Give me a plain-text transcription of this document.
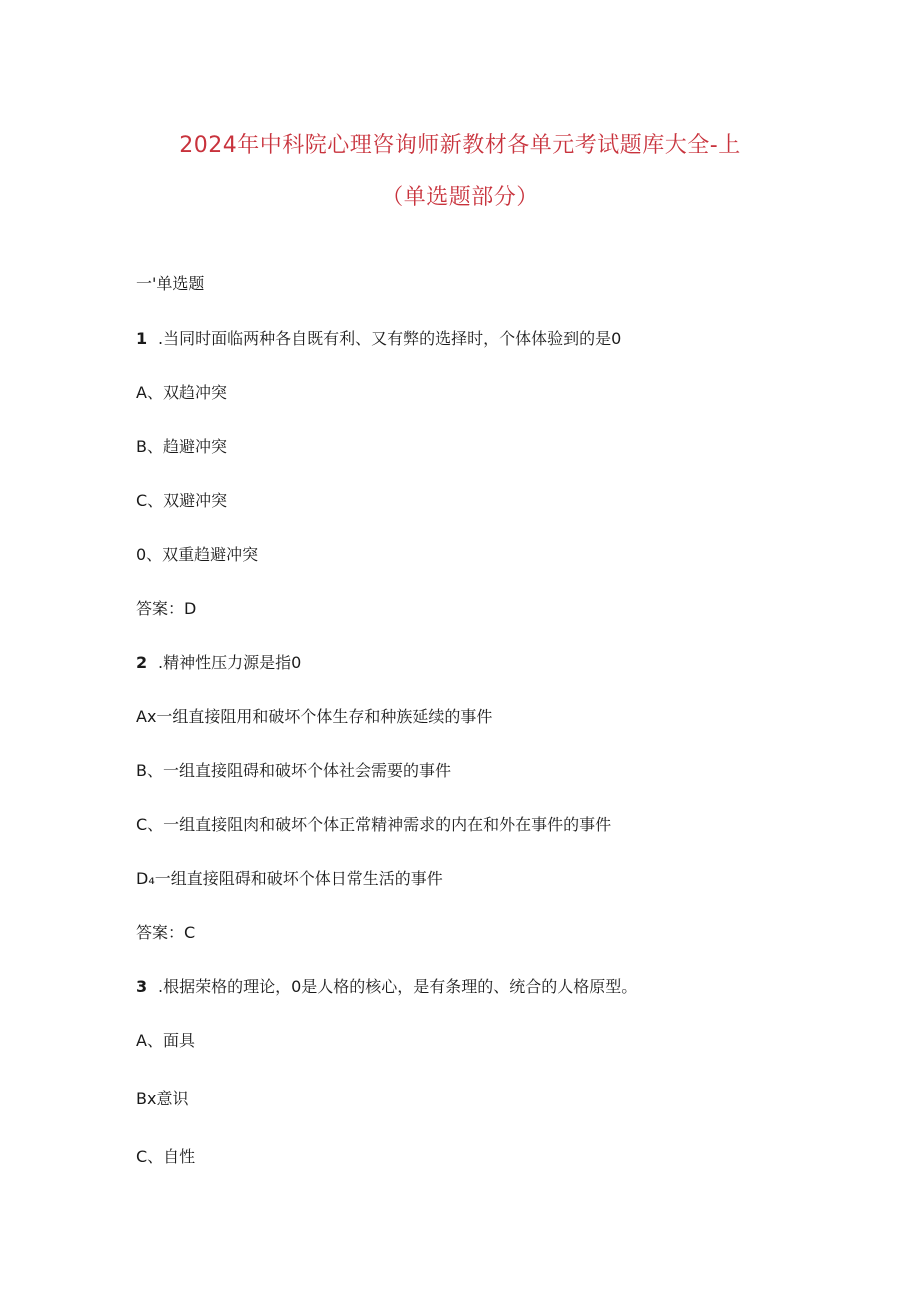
2024年中科院心理咨询师新教材各单元考试题库大全-上
（单选题部分）
一'单选题
1 .当同时面临两种各自既有利、又有弊的选择时，个体体验到的是0
A、双趋冲突
B、趋避冲突
C、双避冲突
0、双重趋避冲突
答案：D
2 .精神性压力源是指0
Ax一组直接阻用和破坏个体生存和种族延续的事件
B、一组直接阻碍和破坏个体社会需要的事件
C、一组直接阻肉和破坏个体正常精神需求的内在和外在事件的事件
D₄一组直接阻碍和破坏个体日常生活的事件
答案：C
3 .根据荣格的理论，0是人格的核心，是有条理的、统合的人格原型。
A、面具
Bx意识
C、自性
